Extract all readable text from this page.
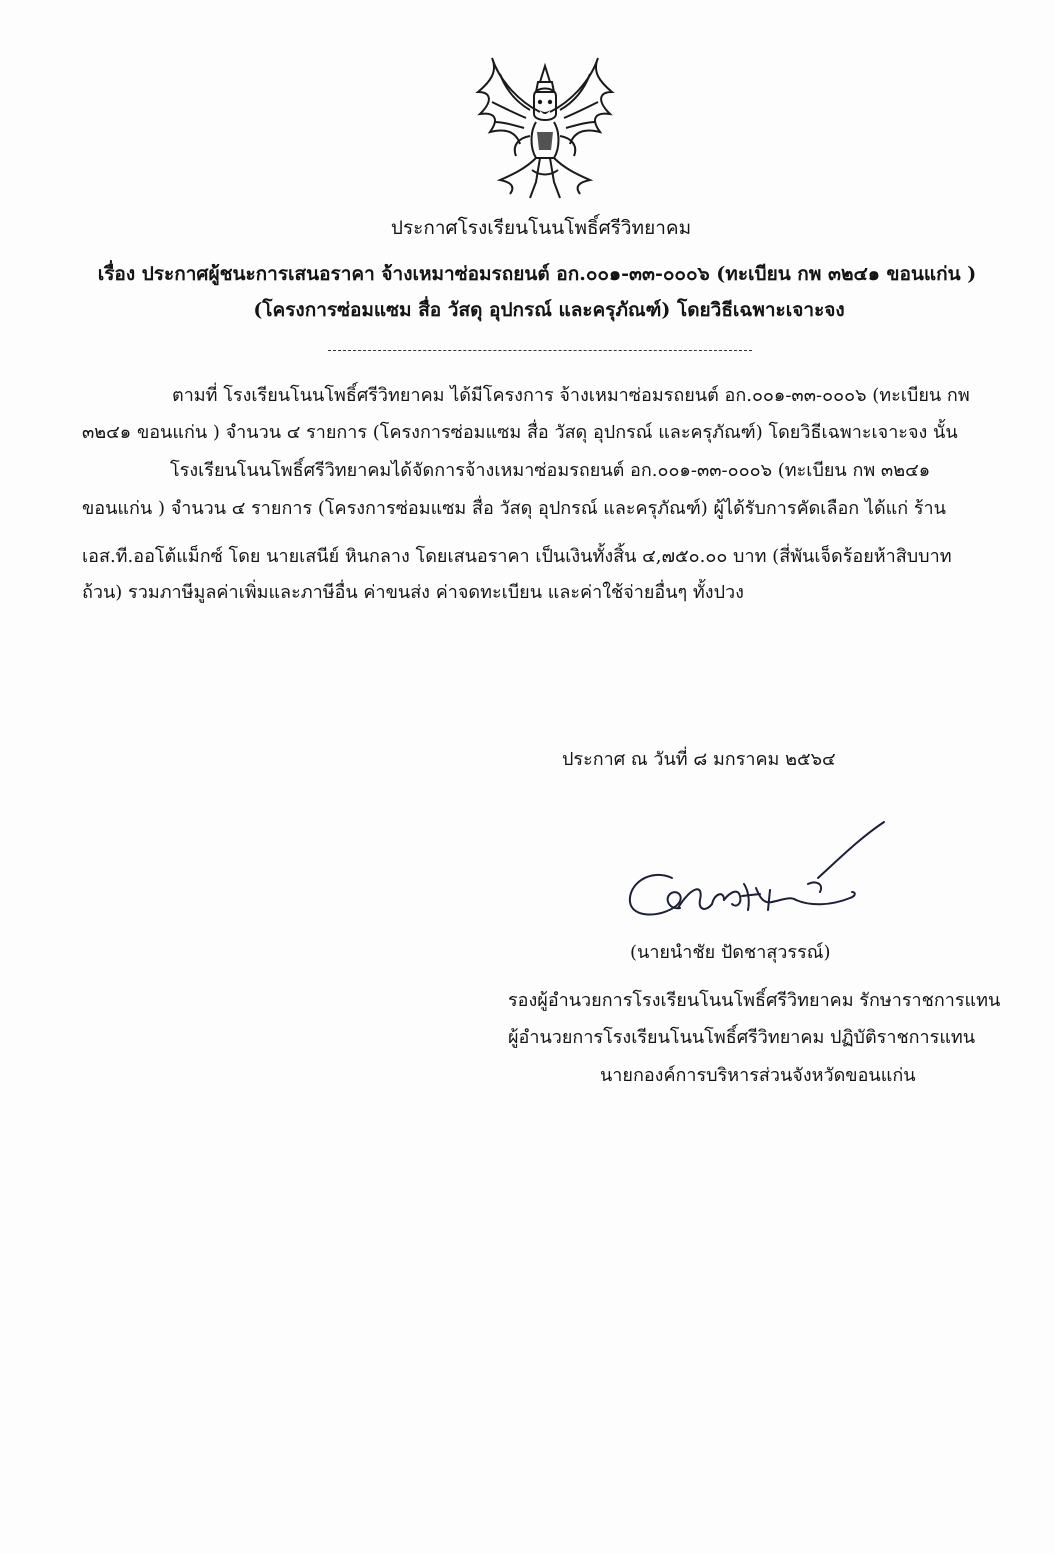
ประกาศโรงเรียนโนนโพธิ์ศรีวิทยาคม
เรื่อง ประกาศผู้ชนะการเสนอราคา จ้างเหมาซ่อมรถยนต์ อก.๐๐๑-๓๓-๐๐๐๖ (ทะเบียน กพ ๓๒๔๑ ขอนแก่น )
(โครงการซ่อมแซม สื่อ วัสดุ อุปกรณ์ และครุภัณฑ์) โดยวิธีเฉพาะเจาะจง
ตามที่ โรงเรียนโนนโพธิ์ศรีวิทยาคม ได้มีโครงการ จ้างเหมาซ่อมรถยนต์ อก.๐๐๑-๓๓-๐๐๐๖ (ทะเบียน กพ
๓๒๔๑ ขอนแก่น ) จำนวน ๔ รายการ (โครงการซ่อมแซม สื่อ วัสดุ อุปกรณ์ และครุภัณฑ์) โดยวิธีเฉพาะเจาะจง นั้น
โรงเรียนโนนโพธิ์ศรีวิทยาคมได้จัดการจ้างเหมาซ่อมรถยนต์ อก.๐๐๑-๓๓-๐๐๐๖ (ทะเบียน กพ ๓๒๔๑
ขอนแก่น ) จำนวน ๔ รายการ (โครงการซ่อมแซม สื่อ วัสดุ อุปกรณ์ และครุภัณฑ์) ผู้ได้รับการคัดเลือก ได้แก่ ร้าน
เอส.ที.ออโต้แม็กซ์ โดย นายเสนีย์ หินกลาง โดยเสนอราคา เป็นเงินทั้งสิ้น ๔,๗๕๐.๐๐ บาท (สี่พันเจ็ดร้อยห้าสิบบาท
ถ้วน) รวมภาษีมูลค่าเพิ่มและภาษีอื่น ค่าขนส่ง ค่าจดทะเบียน และค่าใช้จ่ายอื่นๆ ทั้งปวง
ประกาศ ณ วันที่ ๘ มกราคม ๒๕๖๔
(นายนำชัย ปัดชาสุวรรณ์)
รองผู้อำนวยการโรงเรียนโนนโพธิ์ศรีวิทยาคม รักษาราชการแทน
ผู้อำนวยการโรงเรียนโนนโพธิ์ศรีวิทยาคม ปฏิบัติราชการแทน
นายกองค์การบริหารส่วนจังหวัดขอนแก่น
